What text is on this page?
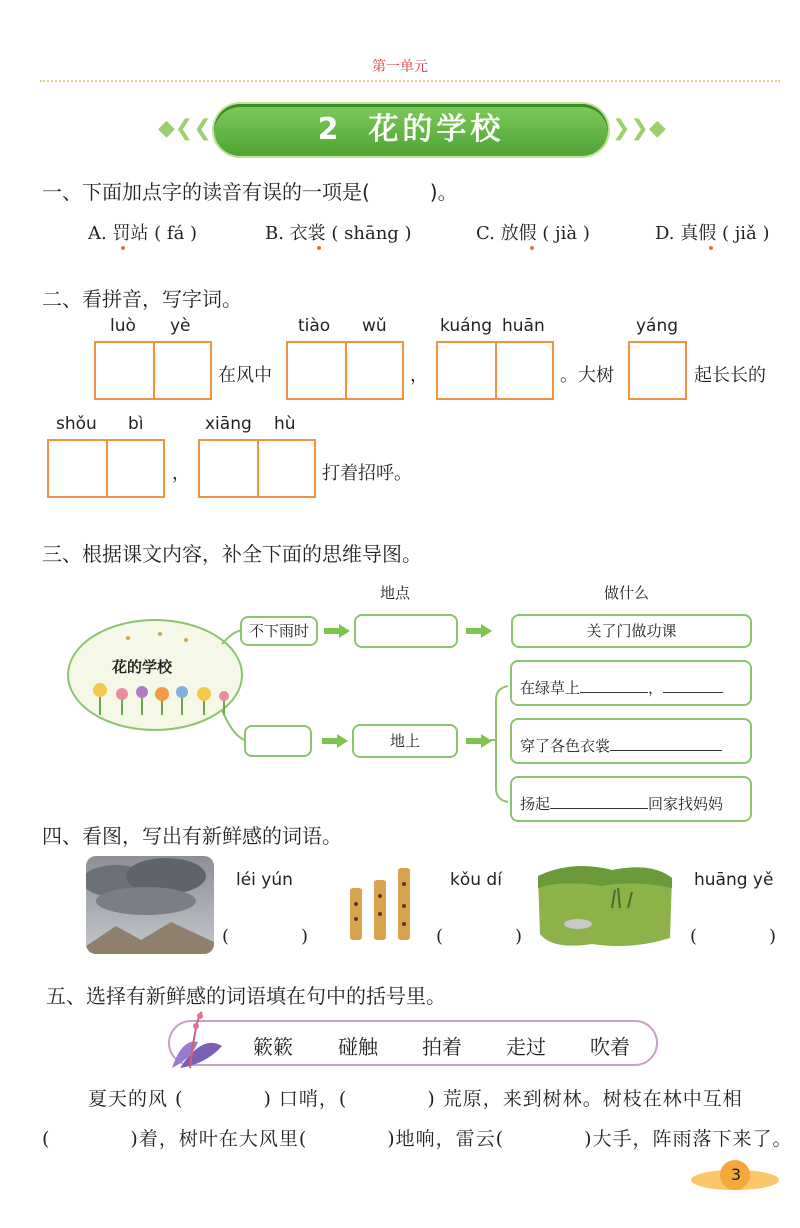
第一单元
◆❮❮	2 花的学校	❯❯◆
一、下面加点字的读音有误的一项是(　　　)。
A. 罚站 ( fá )	B. 衣裳 ( shāng )	C. 放假 ( jià )	D. 真假 ( jiǎ )
二、看拼音，写字词。
luò yè
在风中
tiào wǔ
，
kuáng huān
。大树
yáng
起长长的
shǒu bì
，
xiāng hù
打着招呼。
三、根据课文内容，补全下面的思维导图。
地点	做什么
花的学校
不下雨时	关了门做功课
地上
在绿草上	，
穿了各色衣裳
扬起	回家找妈妈
四、看图，写出有新鲜感的词语。
léi yún
(　　　　)
kǒu dí
(　　　　)
huāng yě
(　　　　)
五、选择有新鲜感的词语填在句中的括号里。
簌簌 碰触 拍着 走过 吹着
夏天的风 (　　　　) 口哨，(　　　　) 荒原，来到树林。树枝在林中互相
(　　　　)着，树叶在大风里(　　　　)地响，雷云(　　　　)大手，阵雨落下来了。
3
